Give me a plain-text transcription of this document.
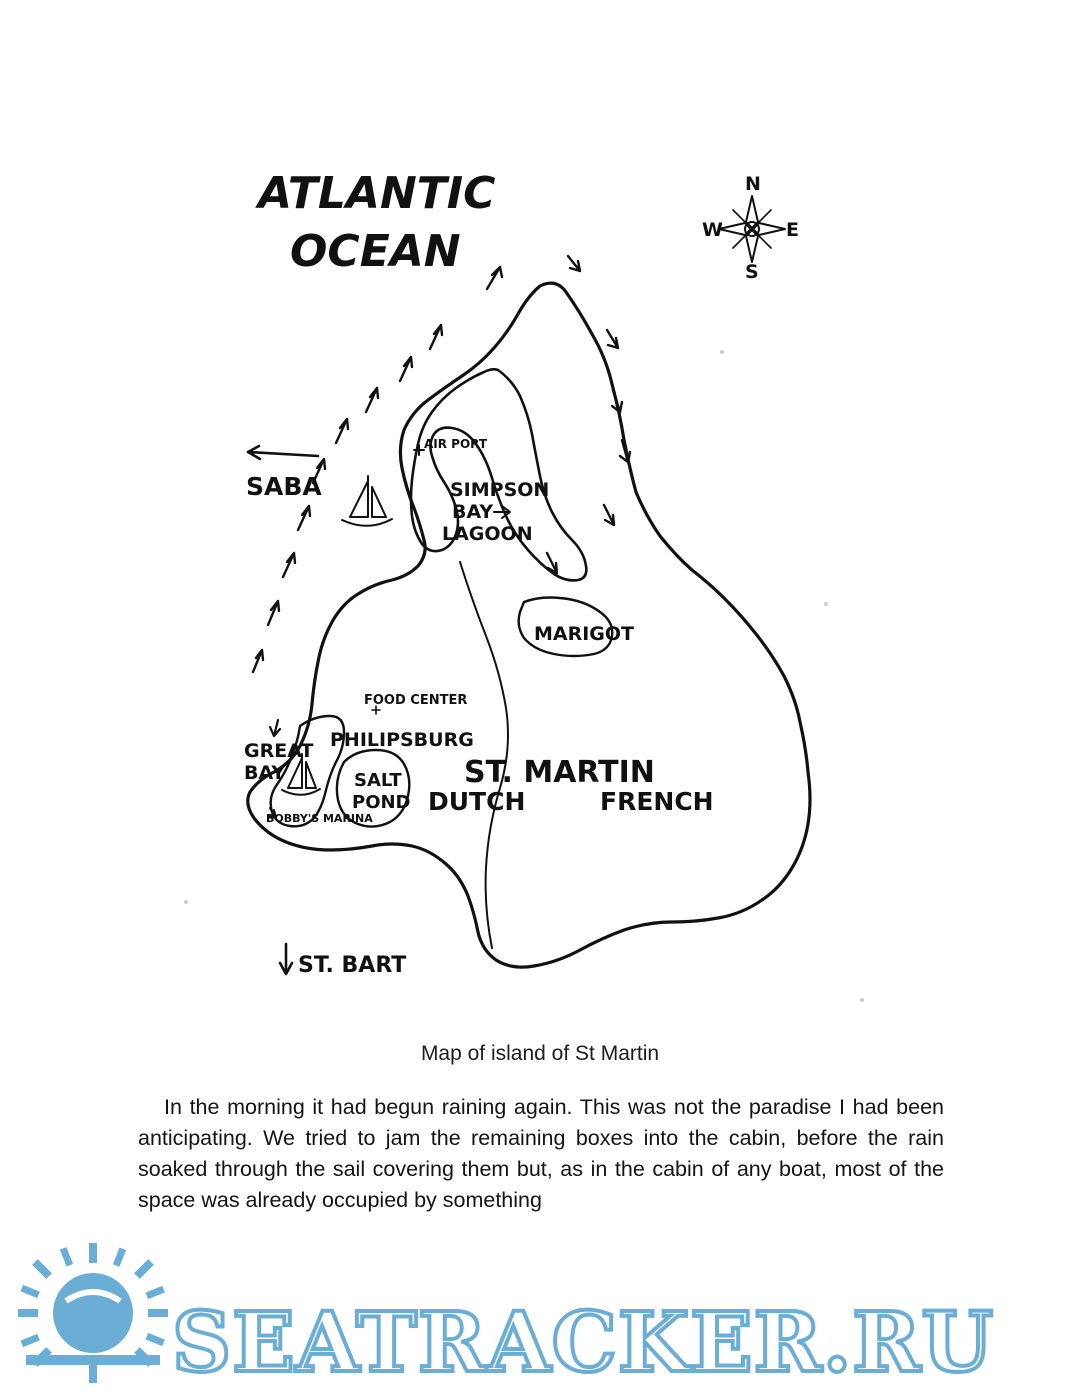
ATLANTIC
OCEAN
N
E
S
W
SABA
AIR PORT
SIMPSON
BAY
LAGOON
MARIGOT
SALT
POND
PHILIPSBURG
FOOD CENTER
GREAT
BAY
BOBBY'S MARINA
ST. MARTIN
DUTCH	FRENCH
ST. BART
Map of island of St Martin

In the morning it had begun raining again. This was not the paradise I had been anticipating. We tried to jam the remaining boxes into the cabin, before the rain soaked through the sail covering them but, as in the cabin of any boat, most of the space was already occupied by something

SEATRACKER.RU
